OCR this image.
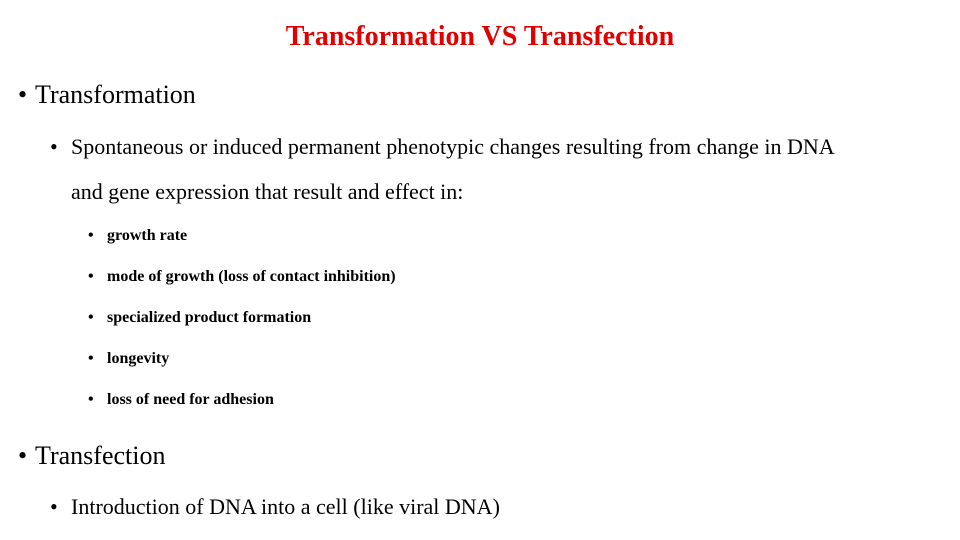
Transformation VS Transfection
• Transformation
• Spontaneous or induced permanent phenotypic changes resulting from change in DNA
and gene expression that result and effect in:
• growth rate
• mode of growth (loss of contact inhibition)
• specialized product formation
• longevity
• loss of need for adhesion
• Transfection
• Introduction of DNA into a cell (like viral DNA)
